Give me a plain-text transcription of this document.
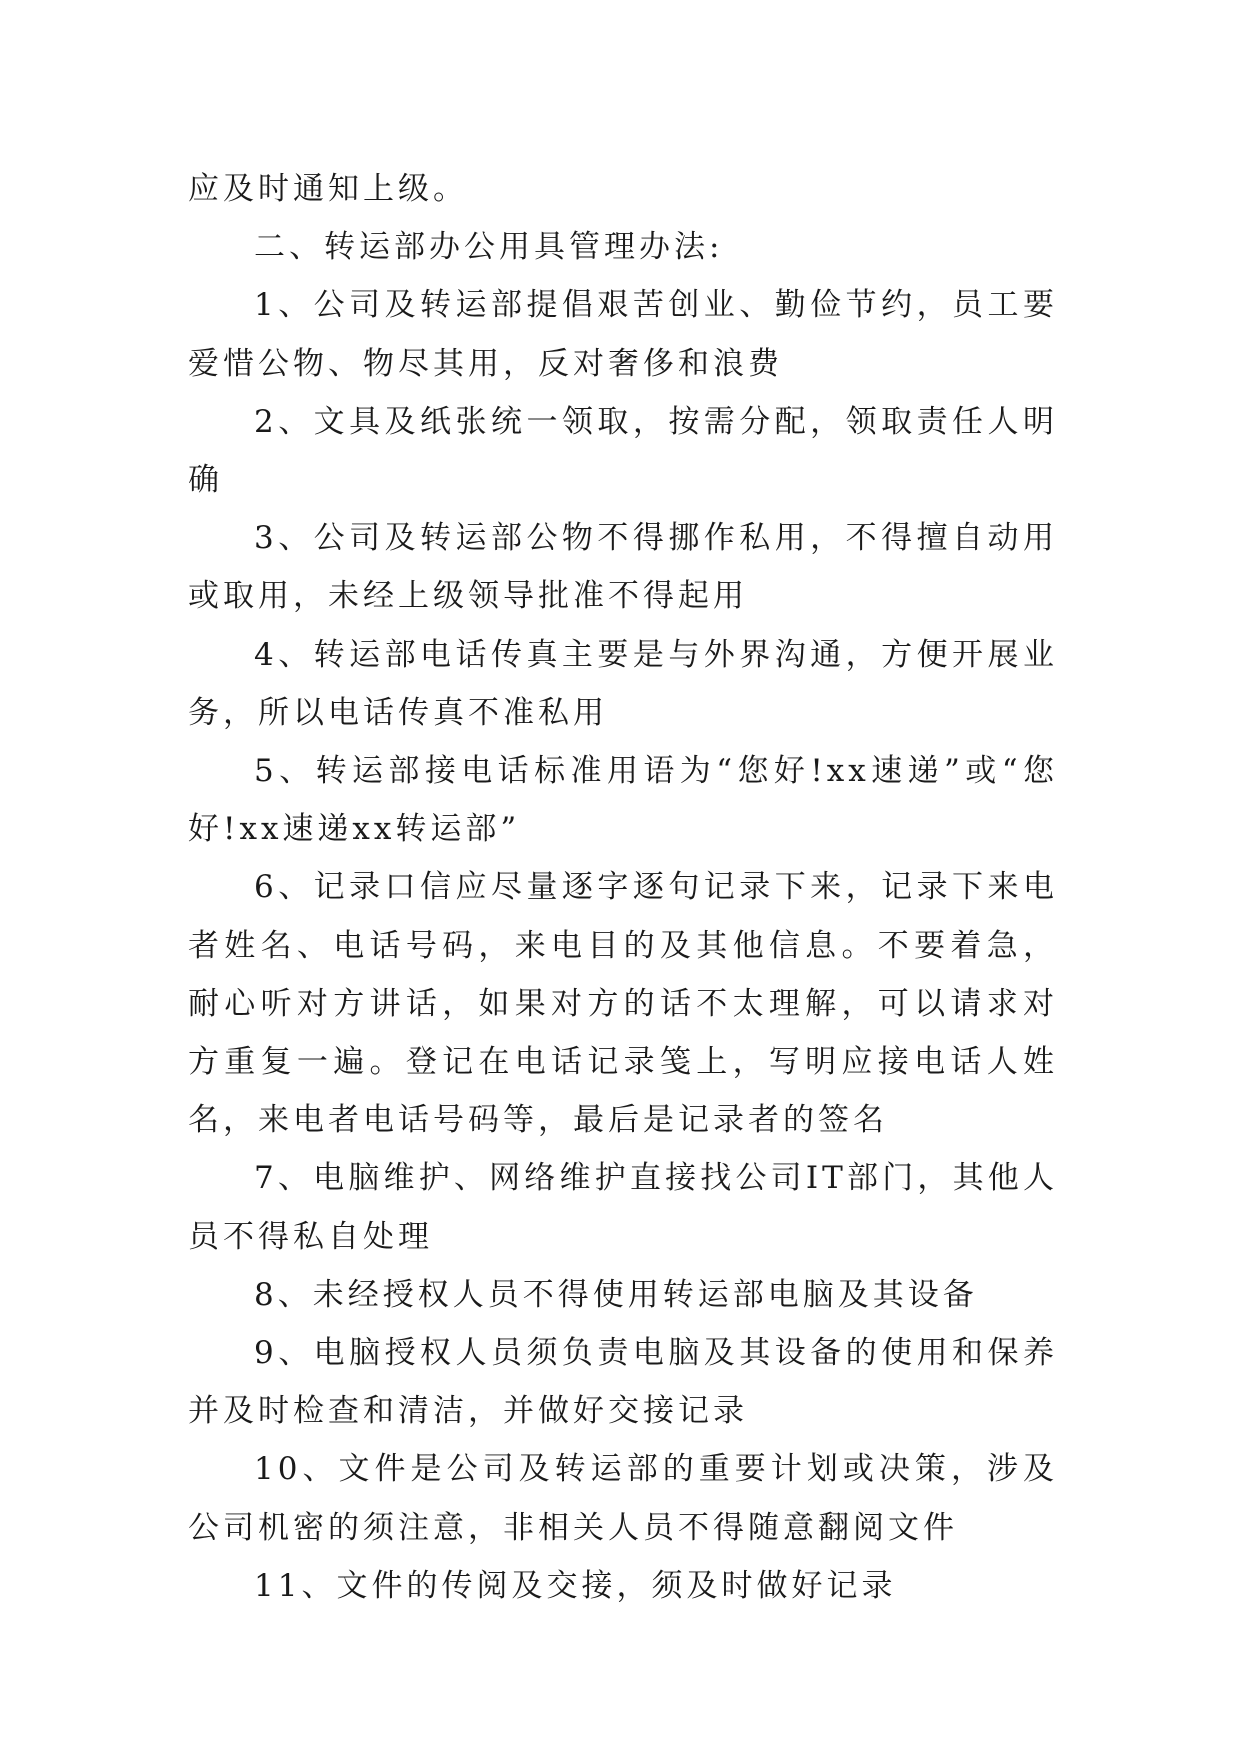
应及时通知上级。

二、转运部办公用具管理办法:

1、公司及转运部提倡艰苦创业、勤俭节约，员工要爱惜公物、物尽其用，反对奢侈和浪费

2、文具及纸张统一领取，按需分配，领取责任人明确

3、公司及转运部公物不得挪作私用，不得擅自动用或取用，未经上级领导批准不得起用

4、转运部电话传真主要是与外界沟通，方便开展业务，所以电话传真不准私用

5、转运部接电话标准用语为“您好!xx速递”或“您好!xx速递xx转运部”

6、记录口信应尽量逐字逐句记录下来，记录下来电者姓名、电话号码，来电目的及其他信息。不要着急，耐心听对方讲话，如果对方的话不太理解，可以请求对方重复一遍。登记在电话记录笺上，写明应接电话人姓名，来电者电话号码等，最后是记录者的签名

7、电脑维护、网络维护直接找公司IT部门，其他人员不得私自处理

8、未经授权人员不得使用转运部电脑及其设备

9、电脑授权人员须负责电脑及其设备的使用和保养并及时检查和清洁，并做好交接记录

10、文件是公司及转运部的重要计划或决策，涉及公司机密的须注意，非相关人员不得随意翻阅文件

11、文件的传阅及交接，须及时做好记录
